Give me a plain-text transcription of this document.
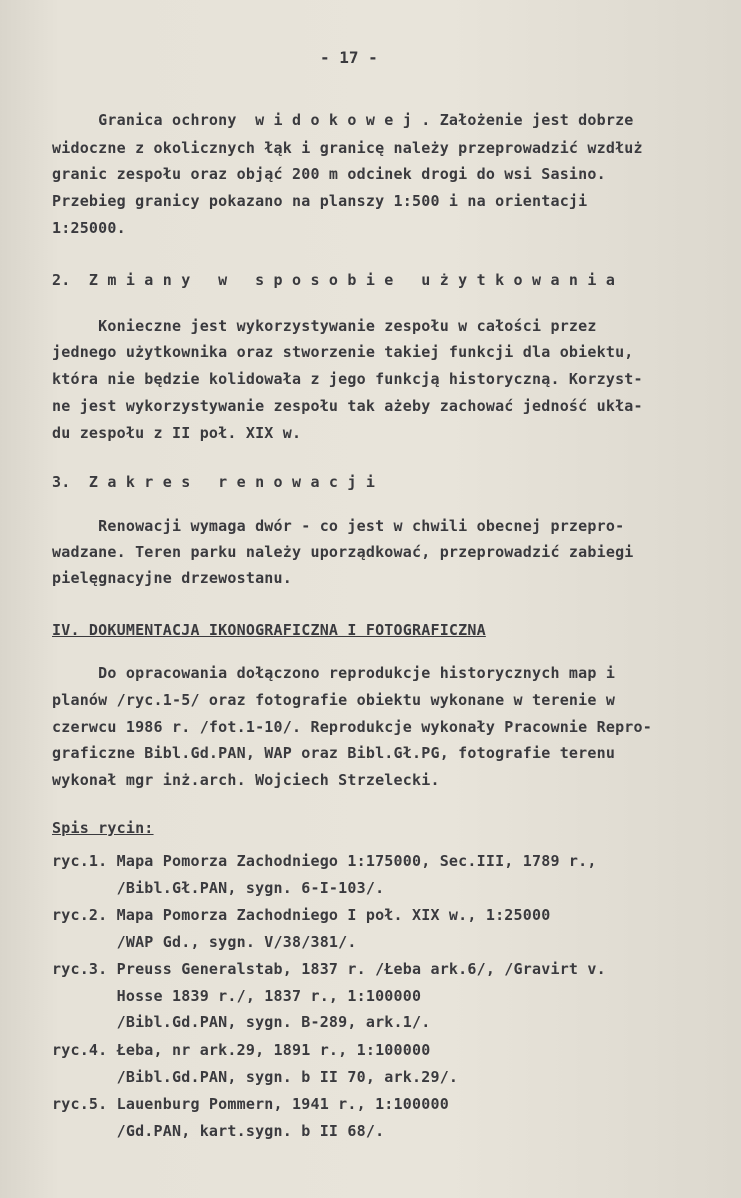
- 17 -
Granica ochrony  w i d o k o w e j . Założenie jest dobrze
widoczne z okolicznych łąk i granicę należy przeprowadzić wzdłuż
granic zespołu oraz objąć 200 m odcinek drogi do wsi Sasino.
Przebieg granicy pokazano na planszy 1:500 i na orientacji
1:25000.
2.  Z m i a n y   w   s p o s o b i e   u ż y t k o w a n i a
Konieczne jest wykorzystywanie zespołu w całości przez
jednego użytkownika oraz stworzenie takiej funkcji dla obiektu,
która nie będzie kolidowała z jego funkcją historyczną. Korzyst-
ne jest wykorzystywanie zespołu tak ażeby zachować jedność ukła-
du zespołu z II poł. XIX w.
3.  Z a k r e s   r e n o w a c j i
Renowacji wymaga dwór - co jest w chwili obecnej przepro-
wadzane. Teren parku należy uporządkować, przeprowadzić zabiegi
pielęgnacyjne drzewostanu.
IV. DOKUMENTACJA IKONOGRAFICZNA I FOTOGRAFICZNA
Do opracowania dołączono reprodukcje historycznych map i
planów /ryc.1-5/ oraz fotografie obiektu wykonane w terenie w
czerwcu 1986 r. /fot.1-10/. Reprodukcje wykonały Pracownie Repro-
graficzne Bibl.Gd.PAN, WAP oraz Bibl.Gł.PG, fotografie terenu
wykonał mgr inż.arch. Wojciech Strzelecki.
Spis rycin:
ryc.1. Mapa Pomorza Zachodniego 1:175000, Sec.III, 1789 r.,
/Bibl.Gł.PAN, sygn. 6-I-103/.
ryc.2. Mapa Pomorza Zachodniego I poł. XIX w., 1:25000
/WAP Gd., sygn. V/38/381/.
ryc.3. Preuss Generalstab, 1837 r. /Łeba ark.6/, /Gravirt v.
Hosse 1839 r./, 1837 r., 1:100000
/Bibl.Gd.PAN, sygn. B-289, ark.1/.
ryc.4. Łeba, nr ark.29, 1891 r., 1:100000
/Bibl.Gd.PAN, sygn. b II 70, ark.29/.
ryc.5. Lauenburg Pommern, 1941 r., 1:100000
/Gd.PAN, kart.sygn. b II 68/.
